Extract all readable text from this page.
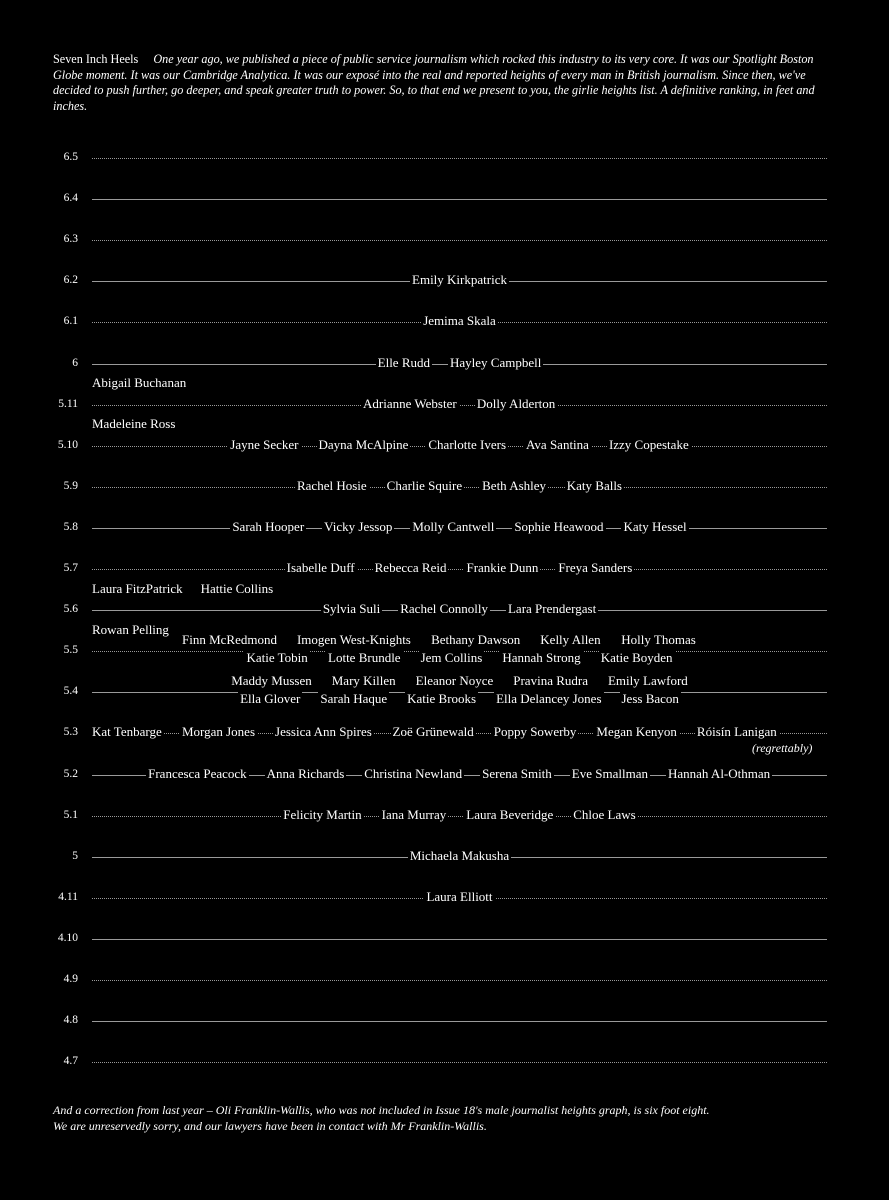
Seven Inch Heels One year ago, we published a piece of public service journalism which rocked this industry to its very core. It was our Spotlight Boston Globe moment. It was our Cambridge Analytica. It was our exposé into the real and reported heights of every man in British journalism. Since then, we've decided to push further, go deeper, and speak greater truth to power. So, to that end we present to you, the girlie heights list. A definitive ranking, in feet and inches.
6.5
6.4
6.3
6.2
6.1
6
5.11
5.10
5.9
5.8
5.7
5.6
5.5
5.4
5.3
5.2
5.1
5
4.11
4.10
4.9
4.8
4.7
Emily Kirkpatrick
Jemima Skala
Elle Rudd Hayley Campbell
Adrianne Webster Dolly Alderton
Jayne Secker Dayna McAlpine Charlotte Ivers Ava Santina Izzy Copestake
Rachel Hosie Charlie Squire Beth Ashley Katy Balls
Sarah Hooper Vicky Jessop Molly Cantwell Sophie Heawood Katy Hessel
Isabelle Duff Rebecca Reid Frankie Dunn Freya Sanders
Sylvia Suli Rachel Connolly Lara Prendergast
Finn McRedmond Imogen West-Knights Bethany Dawson Kelly Allen Holly Thomas
Katie Tobin Lotte Brundle Jem Collins Hannah Strong Katie Boyden
Maddy Mussen Mary Killen Eleanor Noyce Pravina Rudra Emily Lawford
Ella Glover Sarah Haque Katie Brooks Ella Delancey Jones Jess Bacon
Kat Tenbarge Morgan Jones Jessica Ann Spires Zoë Grünewald Poppy Sowerby Megan Kenyon Róisín Lanigan
Francesca Peacock Anna Richards Christina Newland Serena Smith Eve Smallman Hannah Al-Othman
Felicity Martin Iana Murray Laura Beveridge Chloe Laws
Michaela Makusha
Laura Elliott
Abigail Buchanan
Madeleine Ross
Laura FitzPatrick Hattie Collins
Rowan Pelling
(regrettably)
And a correction from last year – Oli Franklin-Wallis, who was not included in Issue 18's male journalist heights graph, is six foot eight.
We are unreservedly sorry, and our lawyers have been in contact with Mr Franklin-Wallis.
